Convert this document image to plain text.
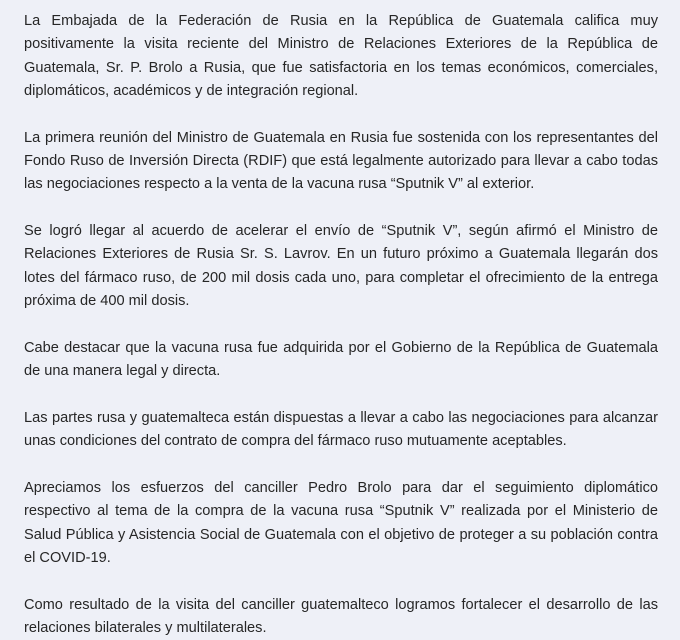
La Embajada de la Federación de Rusia en la República de Guatemala califica muy positivamente la visita reciente del Ministro de Relaciones Exteriores de la República de Guatemala, Sr. P. Brolo a Rusia, que fue satisfactoria en los temas económicos, comerciales, diplomáticos, académicos y de integración regional.

La primera reunión del Ministro de Guatemala en Rusia fue sostenida con los representantes del Fondo Ruso de Inversión Directa (RDIF) que está legalmente autorizado para llevar a cabo todas las negociaciones respecto a la venta de la vacuna rusa “Sputnik V” al exterior.

Se logró llegar al acuerdo de acelerar el envío de “Sputnik V”, según afirmó el Ministro de Relaciones Exteriores de Rusia Sr. S. Lavrov. En un futuro próximo a Guatemala llegarán dos lotes del fármaco ruso, de 200 mil dosis cada uno, para completar el ofrecimiento de la entrega próxima de 400 mil dosis.

Cabe destacar que la vacuna rusa fue adquirida por el Gobierno de la República de Guatemala de una manera legal y directa.

Las partes rusa y guatemalteca están dispuestas a llevar a cabo las negociaciones para alcanzar unas condiciones del contrato de compra del fármaco ruso mutuamente aceptables.

Apreciamos los esfuerzos del canciller Pedro Brolo para dar el seguimiento diplomático respectivo al tema de la compra de la vacuna rusa “Sputnik V” realizada por el Ministerio de Salud Pública y Asistencia Social de Guatemala con el objetivo de proteger a su población contra el COVID-19.

Como resultado de la visita del canciller guatemalteco logramos fortalecer el desarrollo de las relaciones bilaterales y multilaterales.
